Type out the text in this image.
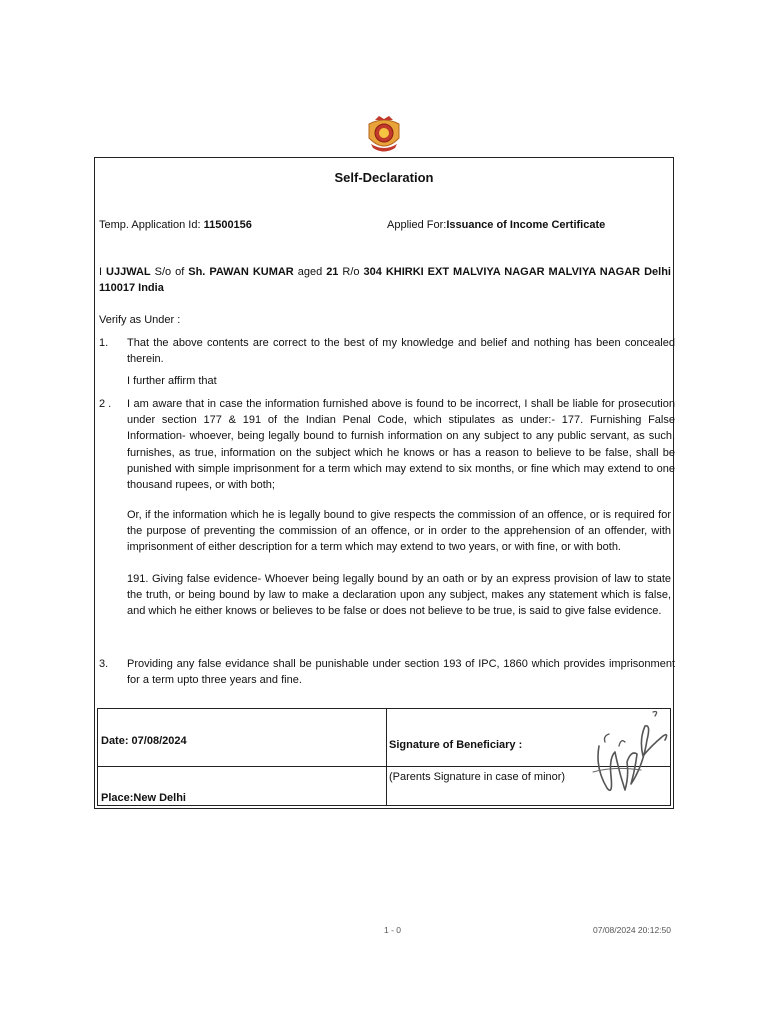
Self-Declaration
Temp. Application Id: 11500156	Applied For:Issuance of Income Certificate
I UJJWAL S/o of Sh. PAWAN KUMAR aged 21 R/o 304 KHIRKI EXT MALVIYA NAGAR MALVIYA NAGAR Delhi 110017 India
Verify as Under :
1. That the above contents are correct to the best of my knowledge and belief and nothing has been concealed therein.
I further affirm that
2 . I am aware that in case the information furnished above is found to be incorrect, I shall be liable for prosecution under section 177 & 191 of the Indian Penal Code, which stipulates as under:- 177. Furnishing False Information- whoever, being legally bound to furnish information on any subject to any public servant, as such, furnishes, as true, information on the subject which he knows or has a reason to believe to be false, shall be punished with simple imprisonment for a term which may extend to six months, or fine which may extend to one thousand rupees, or with both;
Or, if the information which he is legally bound to give respects the commission of an offence, or is required for the purpose of preventing the commission of an offence, or in order to the apprehension of an offender, with imprisonment of either description for a term which may extend to two years, or with fine, or with both.
191. Giving false evidence- Whoever being legally bound by an oath or by an express provision of law to state the truth, or being bound by law to make a declaration upon any subject, makes any statement which is false, and which he either knows or believes to be false or does not believe to be true, is said to give false evidence.
3. Providing any false evidance shall be punishable under section 193 of IPC, 1860 which provides imprisonment for a term upto three years and fine.
Date: 07/08/2024
Place:New Delhi
Signature of Beneficiary :
(Parents Signature in case of minor)
1 - 0	07/08/2024 20:12:50
